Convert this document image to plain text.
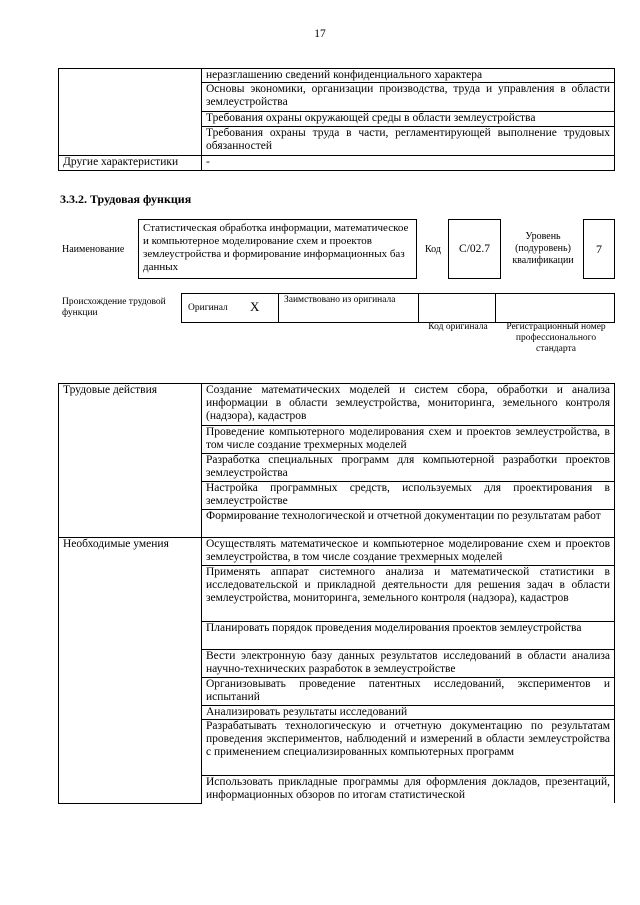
17
	неразглашению сведений конфиденциального характера
	Основы экономики, организации производства, труда и управления в области землеустройства
	Требования охраны окружающей среды в области землеустройства
	Требования охраны труда в части, регламентирующей выполнение трудовых обязанностей
Другие характеристики	-
3.3.2. Трудовая функция
Наименование
Статистическая обработка информации, математическое и компьютерное моделирование схем и проектов землеустройства и формирование информационных баз данных
Код	C/02.7
Уровень (подуровень) квалификации
7
Происхождение трудовой функции	Оригинал X	Заимствовано из оригинала
Код оригинала	Регистрационный номер профессионального стандарта
Трудовые действия	Создание математических моделей и систем сбора, обработки и анализа информации в области землеустройства, мониторинга, земельного контроля (надзора), кадастров
	Проведение компьютерного моделирования схем и проектов землеустройства, в том числе создание трехмерных моделей
	Разработка специальных программ для компьютерной разработки проектов землеустройства
	Настройка программных средств, используемых для проектирования в землеустройстве
	Формирование технологической и отчетной документации по результатам работ
Необходимые умения	Осуществлять математическое и компьютерное моделирование схем и проектов землеустройства, в том числе создание трехмерных моделей
	Применять аппарат системного анализа и математической статистики в исследовательской и прикладной деятельности для решения задач в области землеустройства, мониторинга, земельного контроля (надзора), кадастров
	Планировать порядок проведения моделирования проектов землеустройства
	Вести электронную базу данных результатов исследований в области анализа научно-технических разработок в землеустройстве
	Организовывать проведение патентных исследований, экспериментов и испытаний
	Анализировать результаты исследований
	Разрабатывать технологическую и отчетную документацию по результатам проведения экспериментов, наблюдений и измерений в области землеустройства с применением специализированных компьютерных программ
	Использовать прикладные программы для оформления докладов, презентаций, информационных обзоров по итогам статистической
